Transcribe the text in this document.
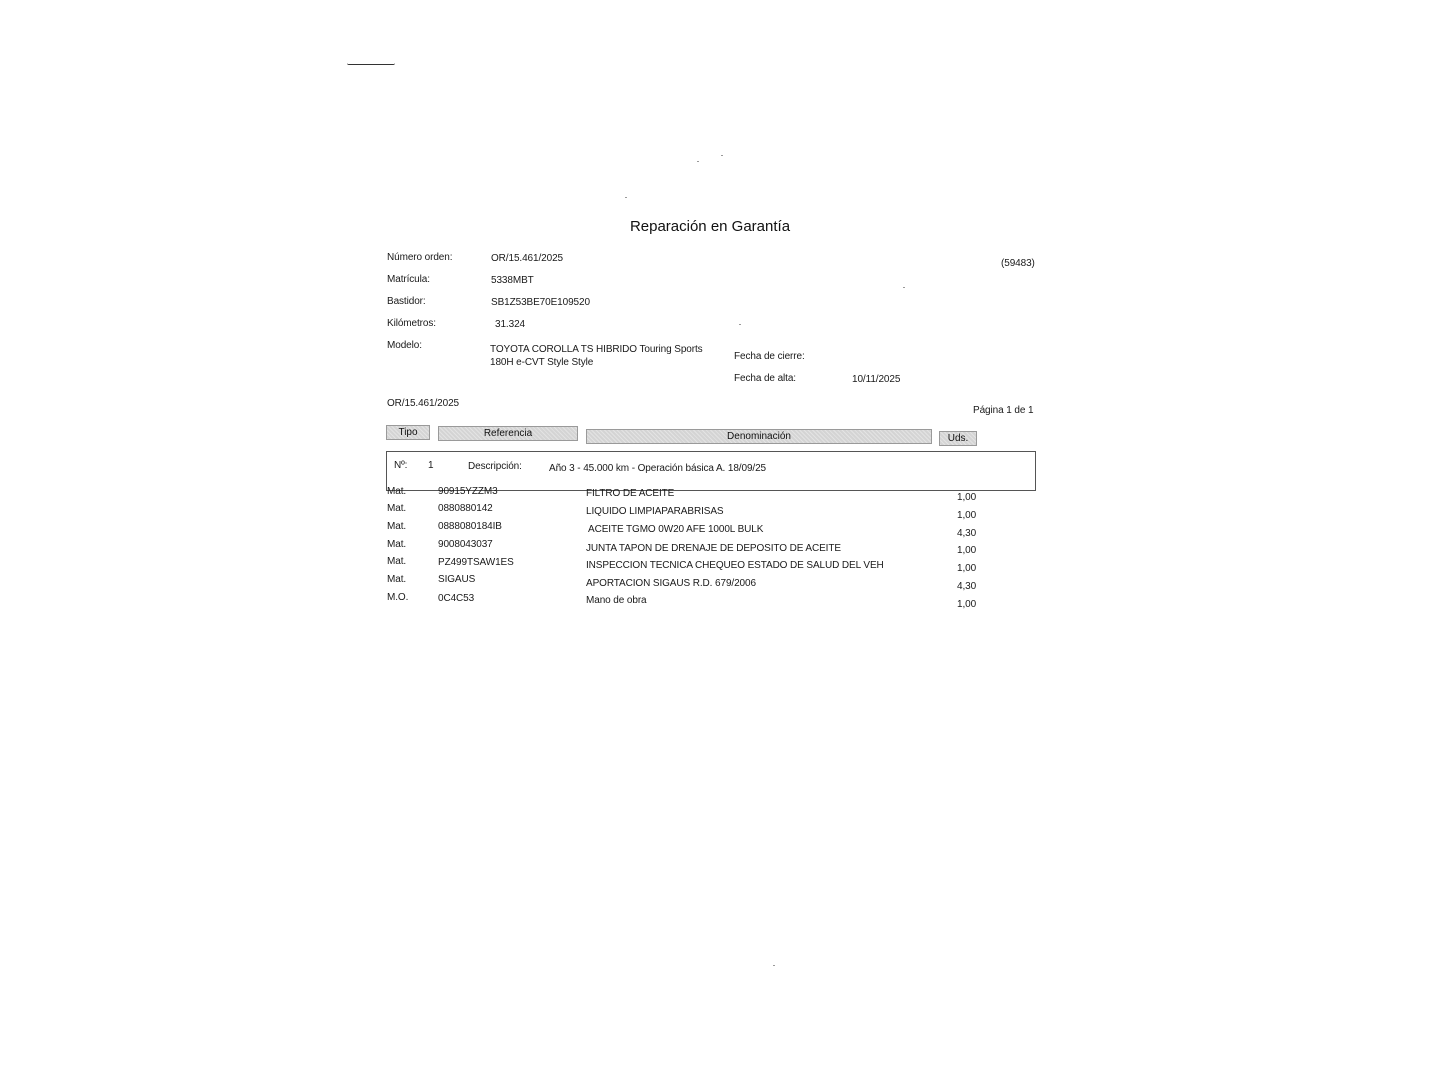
Reparación en Garantía
Número orden:	OR/15.461/2025	(59483)
Matrícula:	5338MBT
Bastidor:	SB1Z53BE70E109520
Kilómetros:	31.324
Modelo:	TOYOTA COROLLA TS HIBRIDO Touring Sports
180H e-CVT Style Style
Fecha de cierre:
Fecha de alta:	10/11/2025
OR/15.461/2025
Página 1 de 1
Tipo	Referencia	Denominación	Uds.
Nº: 1	Descripción:	Año 3 - 45.000 km - Operación básica A. 18/09/25
Mat.	90915YZZM3	FILTRO DE ACEITE	1,00
Mat.	0880880142	LIQUIDO LIMPIAPARABRISAS	1,00
Mat.	0888080184IB	ACEITE TGMO 0W20 AFE 1000L BULK	4,30
Mat.	9008043037	JUNTA TAPON DE DRENAJE DE DEPOSITO DE ACEITE	1,00
Mat.	PZ499TSAW1ES	INSPECCION TECNICA CHEQUEO ESTADO DE SALUD DEL VEH	1,00
Mat.	SIGAUS	APORTACION SIGAUS R.D. 679/2006	4,30
M.O.	0C4C53	Mano de obra	1,00
